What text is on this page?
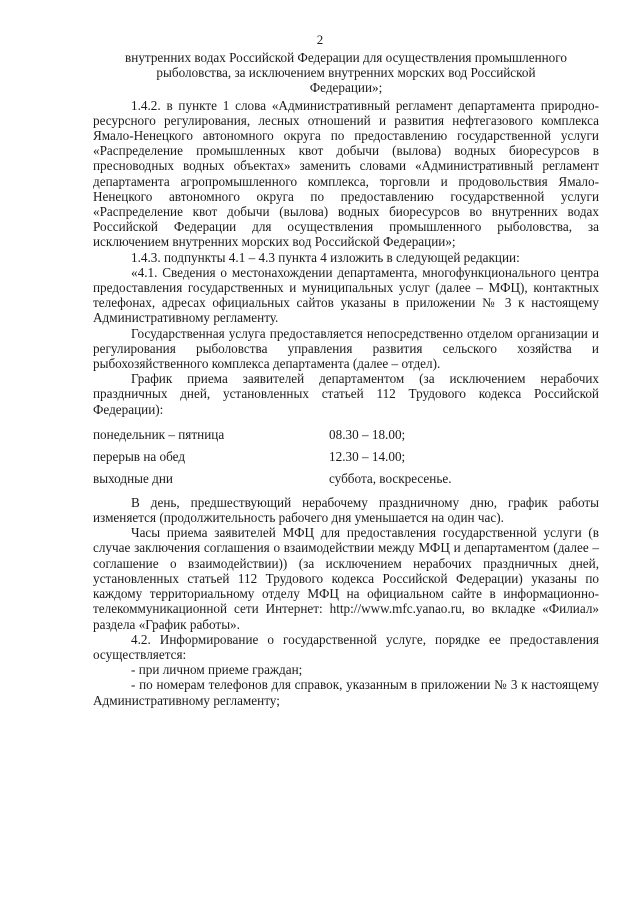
2

внутренних водах Российской Федерации для осуществления промышленного

рыболовства, за исключением внутренних морских вод Российской

Федерации»;

1.4.2. в пункте 1 слова «Административный регламент департамента природно-ресурсного регулирования, лесных отношений и развития нефтегазового комплекса Ямало-Ненецкого автономного округа по предоставлению государственной услуги «Распределение промышленных квот добычи (вылова) водных биоресурсов в пресноводных водных объектах» заменить словами «Административный регламент департамента агропромышленного комплекса, торговли и продовольствия Ямало-Ненецкого автономного округа по предоставлению государственной услуги «Распределение квот добычи (вылова) водных биоресурсов во внутренних водах Российской Федерации для осуществления промышленного рыболовства, за исключением внутренних морских вод Российской Федерации»;

1.4.3. подпункты 4.1 – 4.3 пункта 4 изложить в следующей редакции:

«4.1. Сведения о местонахождении департамента, многофункционального центра предоставления государственных и муниципальных услуг (далее – МФЦ), контактных телефонах, адресах официальных сайтов указаны в приложении № 3 к настоящему Административному регламенту.

Государственная услуга предоставляется непосредственно отделом организации и регулирования рыболовства управления развития сельского хозяйства и рыбохозяйственного комплекса департамента (далее – отдел).

График приема заявителей департаментом (за исключением нерабочих праздничных дней, установленных статьей 112 Трудового кодекса Российской Федерации):

понедельник – пятница	08.30 – 18.00;
перерыв на обед	12.30 – 14.00;
выходные дни	суббота, воскресенье.

В день, предшествующий нерабочему праздничному дню, график работы изменяется (продолжительность рабочего дня уменьшается на один час).

Часы приема заявителей МФЦ для предоставления государственной услуги (в случае заключения соглашения о взаимодействии между МФЦ и департаментом (далее – соглашение о взаимодействии)) (за исключением нерабочих праздничных дней, установленных статьей 112 Трудового кодекса Российской Федерации) указаны по каждому территориальному отделу МФЦ на официальном сайте в информационно-телекоммуникационной сети Интернет: http://www.mfc.yanao.ru, во вкладке «Филиал» раздела «График работы».

4.2. Информирование о государственной услуге, порядке ее предоставления осуществляется:

- при личном приеме граждан;

- по номерам телефонов для справок, указанным в приложении № 3 к настоящему Административному регламенту;
